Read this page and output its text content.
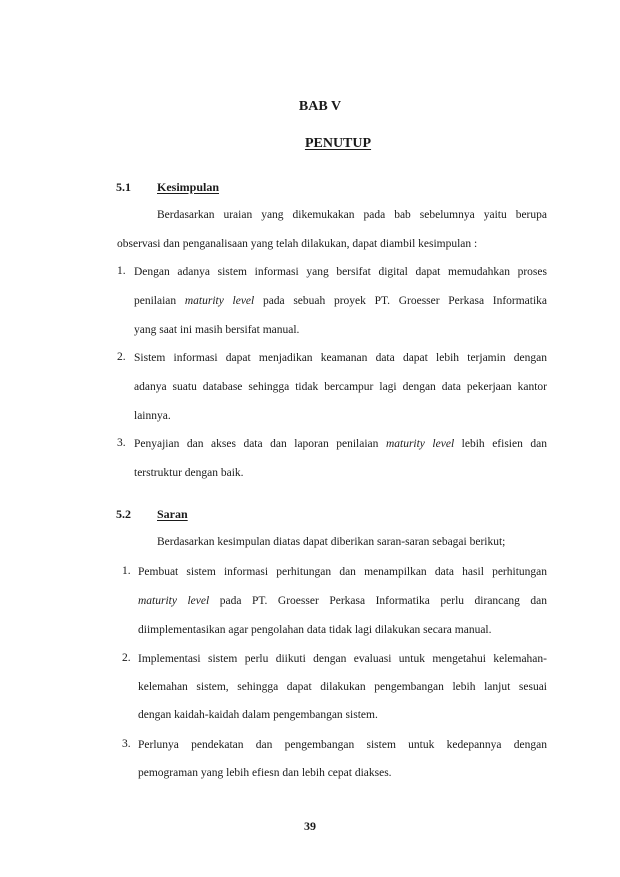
BAB V
PENUTUP
5.1 Kesimpulan
Berdasarkan uraian yang dikemukakan pada bab sebelumnya yaitu berupa
observasi dan penganalisaan yang telah dilakukan, dapat diambil kesimpulan :
1. Dengan adanya sistem informasi yang bersifat digital dapat memudahkan proses
penilaian maturity level pada sebuah proyek PT. Groesser Perkasa Informatika
yang saat ini masih bersifat manual.
2. Sistem informasi dapat menjadikan keamanan data dapat lebih terjamin dengan
adanya suatu database sehingga tidak bercampur lagi dengan data pekerjaan kantor
lainnya.
3. Penyajian dan akses data dan laporan penilaian maturity level lebih efisien dan
terstruktur dengan baik.
5.2 Saran
Berdasarkan kesimpulan diatas dapat diberikan saran-saran sebagai berikut;
1. Pembuat sistem informasi perhitungan dan menampilkan data hasil perhitungan
maturity level pada PT. Groesser Perkasa Informatika perlu dirancang dan
diimplementasikan agar pengolahan data tidak lagi dilakukan secara manual.
2. Implementasi sistem perlu diikuti dengan evaluasi untuk mengetahui kelemahan-
kelemahan sistem, sehingga dapat dilakukan pengembangan lebih lanjut sesuai
dengan kaidah-kaidah dalam pengembangan sistem.
3. Perlunya pendekatan dan pengembangan sistem untuk kedepannya dengan
pemograman yang lebih efiesn dan lebih cepat diakses.
39
